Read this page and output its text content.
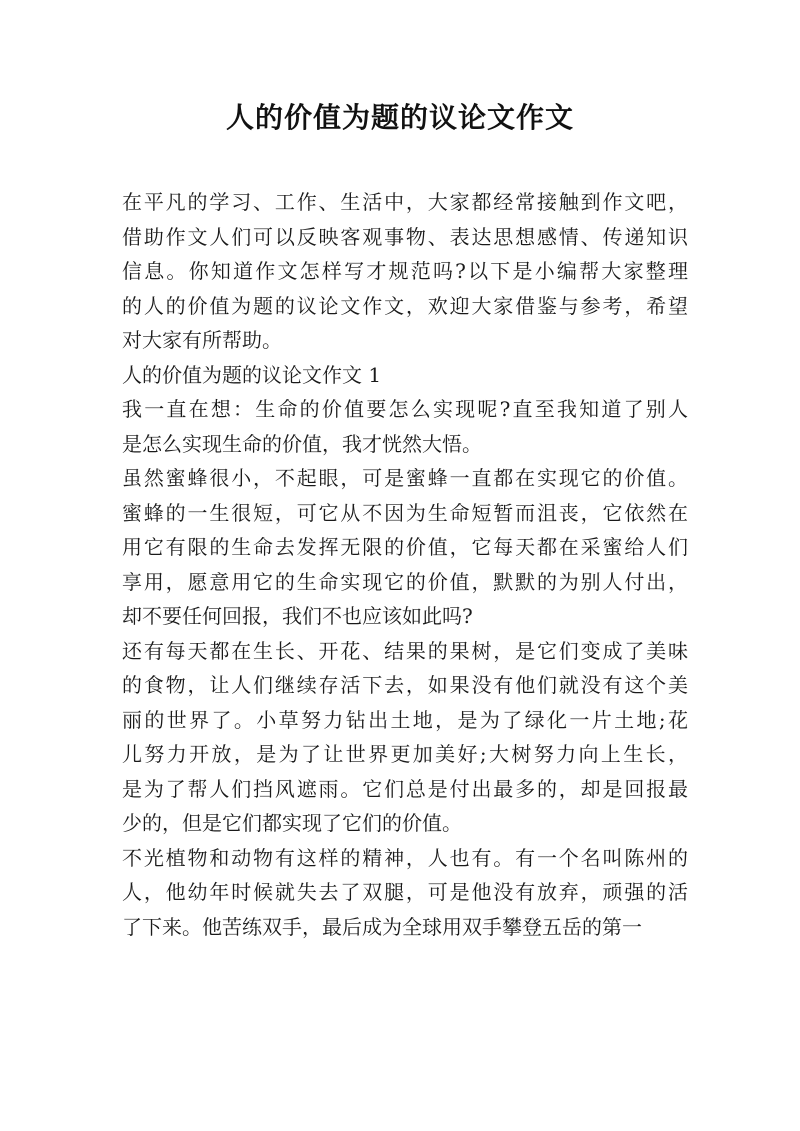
人的价值为题的议论文作文
在平凡的学习、工作、生活中，大家都经常接触到作文吧，
借助作文人们可以反映客观事物、表达思想感情、传递知识
信息。你知道作文怎样写才规范吗?以下是小编帮大家整理
的人的价值为题的议论文作文，欢迎大家借鉴与参考，希望
对大家有所帮助。
人的价值为题的议论文作文 1
我一直在想：生命的价值要怎么实现呢?直至我知道了别人
是怎么实现生命的价值，我才恍然大悟。
虽然蜜蜂很小，不起眼，可是蜜蜂一直都在实现它的价值。
蜜蜂的一生很短，可它从不因为生命短暂而沮丧，它依然在
用它有限的生命去发挥无限的价值，它每天都在采蜜给人们
享用，愿意用它的生命实现它的价值，默默的为别人付出，
却不要任何回报，我们不也应该如此吗?
还有每天都在生长、开花、结果的果树，是它们变成了美味
的食物，让人们继续存活下去，如果没有他们就没有这个美
丽的世界了。小草努力钻出土地，是为了绿化一片土地;花
儿努力开放，是为了让世界更加美好;大树努力向上生长，
是为了帮人们挡风遮雨。它们总是付出最多的，却是回报最
少的，但是它们都实现了它们的价值。
不光植物和动物有这样的精神，人也有。有一个名叫陈州的
人，他幼年时候就失去了双腿，可是他没有放弃，顽强的活
了下来。他苦练双手，最后成为全球用双手攀登五岳的第一
